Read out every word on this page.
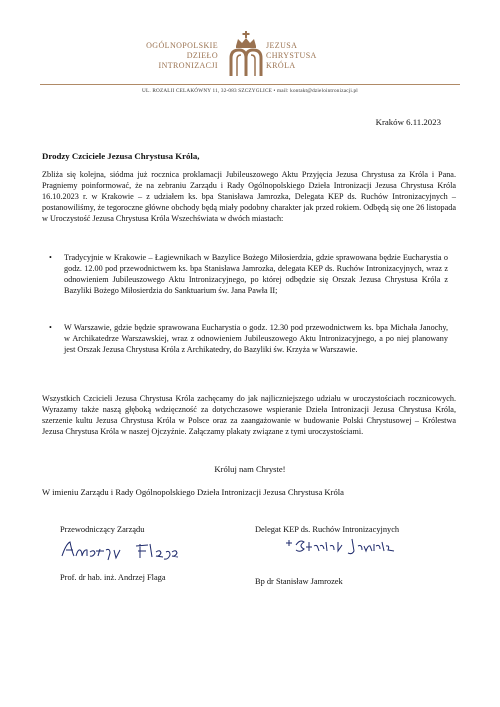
OGÓLNOPOLSKIE
DZIEŁO
INTRONIZACJI
JEZUSA
CHRYSTUSA
KRÓLA
UL. ROZALII CELAKÓWNY 11, 32-083 SZCZYGLICE • mail: kontakt@dzielointronizacji.pl
Kraków 6.11.2023
Drodzy Czciciele Jezusa Chrystusa Króla,
Zbliża się kolejna, siódma już rocznica proklamacji Jubileuszowego Aktu Przyjęcia Jezusa Chrystusa za Króla i Pana. Pragniemy poinformować, że na zebraniu Zarządu i Rady Ogólnopolskiego Dzieła Intronizacji Jezusa Chrystusa Króla 16.10.2023 r. w Krakowie – z udziałem ks. bpa Stanisława Jamrozka, Delegata KEP ds. Ruchów Intronizacyjnych – postanowiliśmy, że tegoroczne główne obchody będą miały podobny charakter jak przed rokiem. Odbędą się one 26 listopada w Uroczystość Jezusa Chrystusa Króla Wszechświata w dwóch miastach:
• Tradycyjnie w Krakowie – Łagiewnikach w Bazylice Bożego Miłosierdzia, gdzie sprawowana będzie Eucharystia o godz. 12.00 pod przewodnictwem ks. bpa Stanisława Jamrozka, delegata KEP ds. Ruchów Intronizacyjnych, wraz z odnowieniem Jubileuszowego Aktu Intronizacyjnego, po której odbędzie się Orszak Jezusa Chrystusa Króla z Bazyliki Bożego Miłosierdzia do Sanktuarium św. Jana Pawła II;
• W Warszawie, gdzie będzie sprawowana Eucharystia o godz. 12.30 pod przewodnictwem ks. bpa Michała Janochy, w Archikatedrze Warszawskiej, wraz z odnowieniem Jubileuszowego Aktu Intronizacyjnego, a po niej planowany jest Orszak Jezusa Chrystusa Króla z Archikatedry, do Bazyliki św. Krzyża w Warszawie.
Wszystkich Czcicieli Jezusa Chrystusa Króla zachęcamy do jak najliczniejszego udziału w uroczystościach rocznicowych. Wyrazamy także naszą głęboką wdzięczność za dotychczasowe wspieranie Dzieła Intronizacji Jezusa Chrystusa Króla, szerzenie kultu Jezusa Chrystusa Króla w Polsce oraz za zaangażowanie w budowanie Polski Chrystusowej – Królestwa Jezusa Chrystusa Króla w naszej Ojczyźnie. Załączamy plakaty związane z tymi uroczystościami.
Króluj nam Chryste!
W imieniu Zarządu i Rady Ogólnopolskiego Dzieła Intronizacji Jezusa Chrystusa Króla
Przewodniczący Zarządu	Delegat KEP ds. Ruchów Intronizacyjnych
Prof. dr hab. inż. Andrzej Flaga	Bp dr Stanisław Jamrozek
